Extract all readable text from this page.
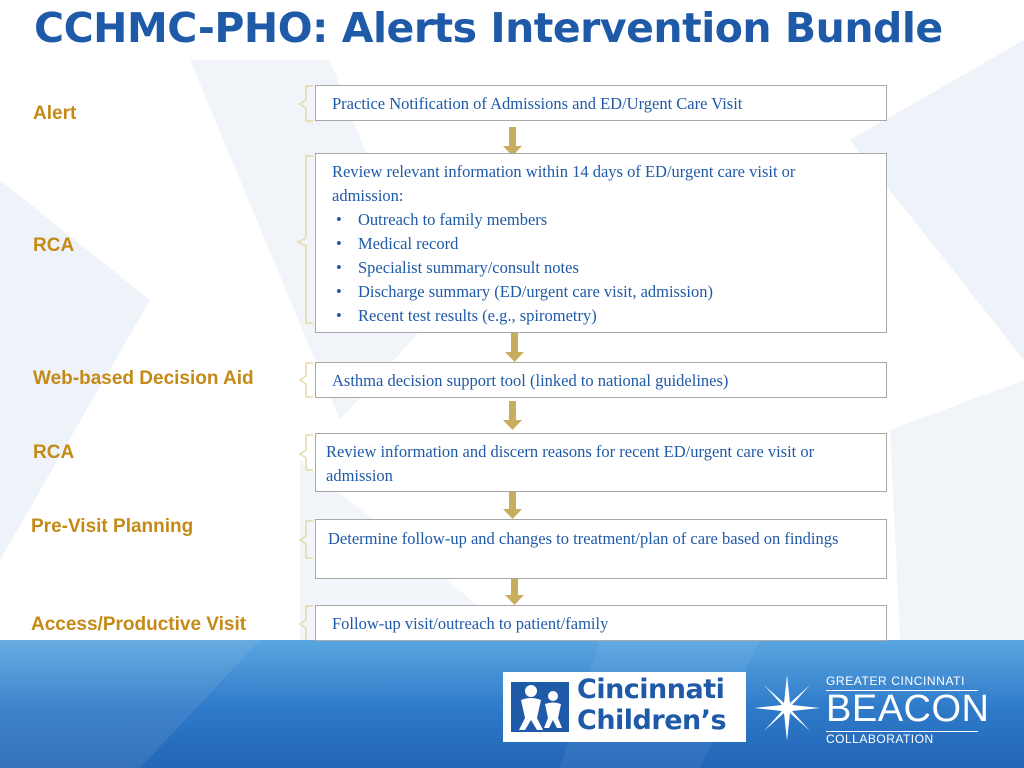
CCHMC-PHO: Alerts Intervention Bundle
Alert
RCA
Web-based Decision Aid
RCA
Pre-Visit Planning
Access/Productive Visit

Practice Notification of Admissions and ED/Urgent Care Visit

Review relevant information within 14 days of ED/urgent care visit or admission:

• Outreach to family members
• Medical record
• Specialist summary/consult notes
• Discharge summary (ED/urgent care visit, admission)
• Recent test results (e.g., spirometry)

Asthma decision support tool (linked to national guidelines)

Review information and discern reasons for recent ED/urgent care visit or admission

Determine follow-up and changes to treatment/plan of care based on findings

Follow-up visit/outreach to patient/family

Cincinnati
Children’s
GREATER CINCINNATI
BEACON
COLLABORATION
